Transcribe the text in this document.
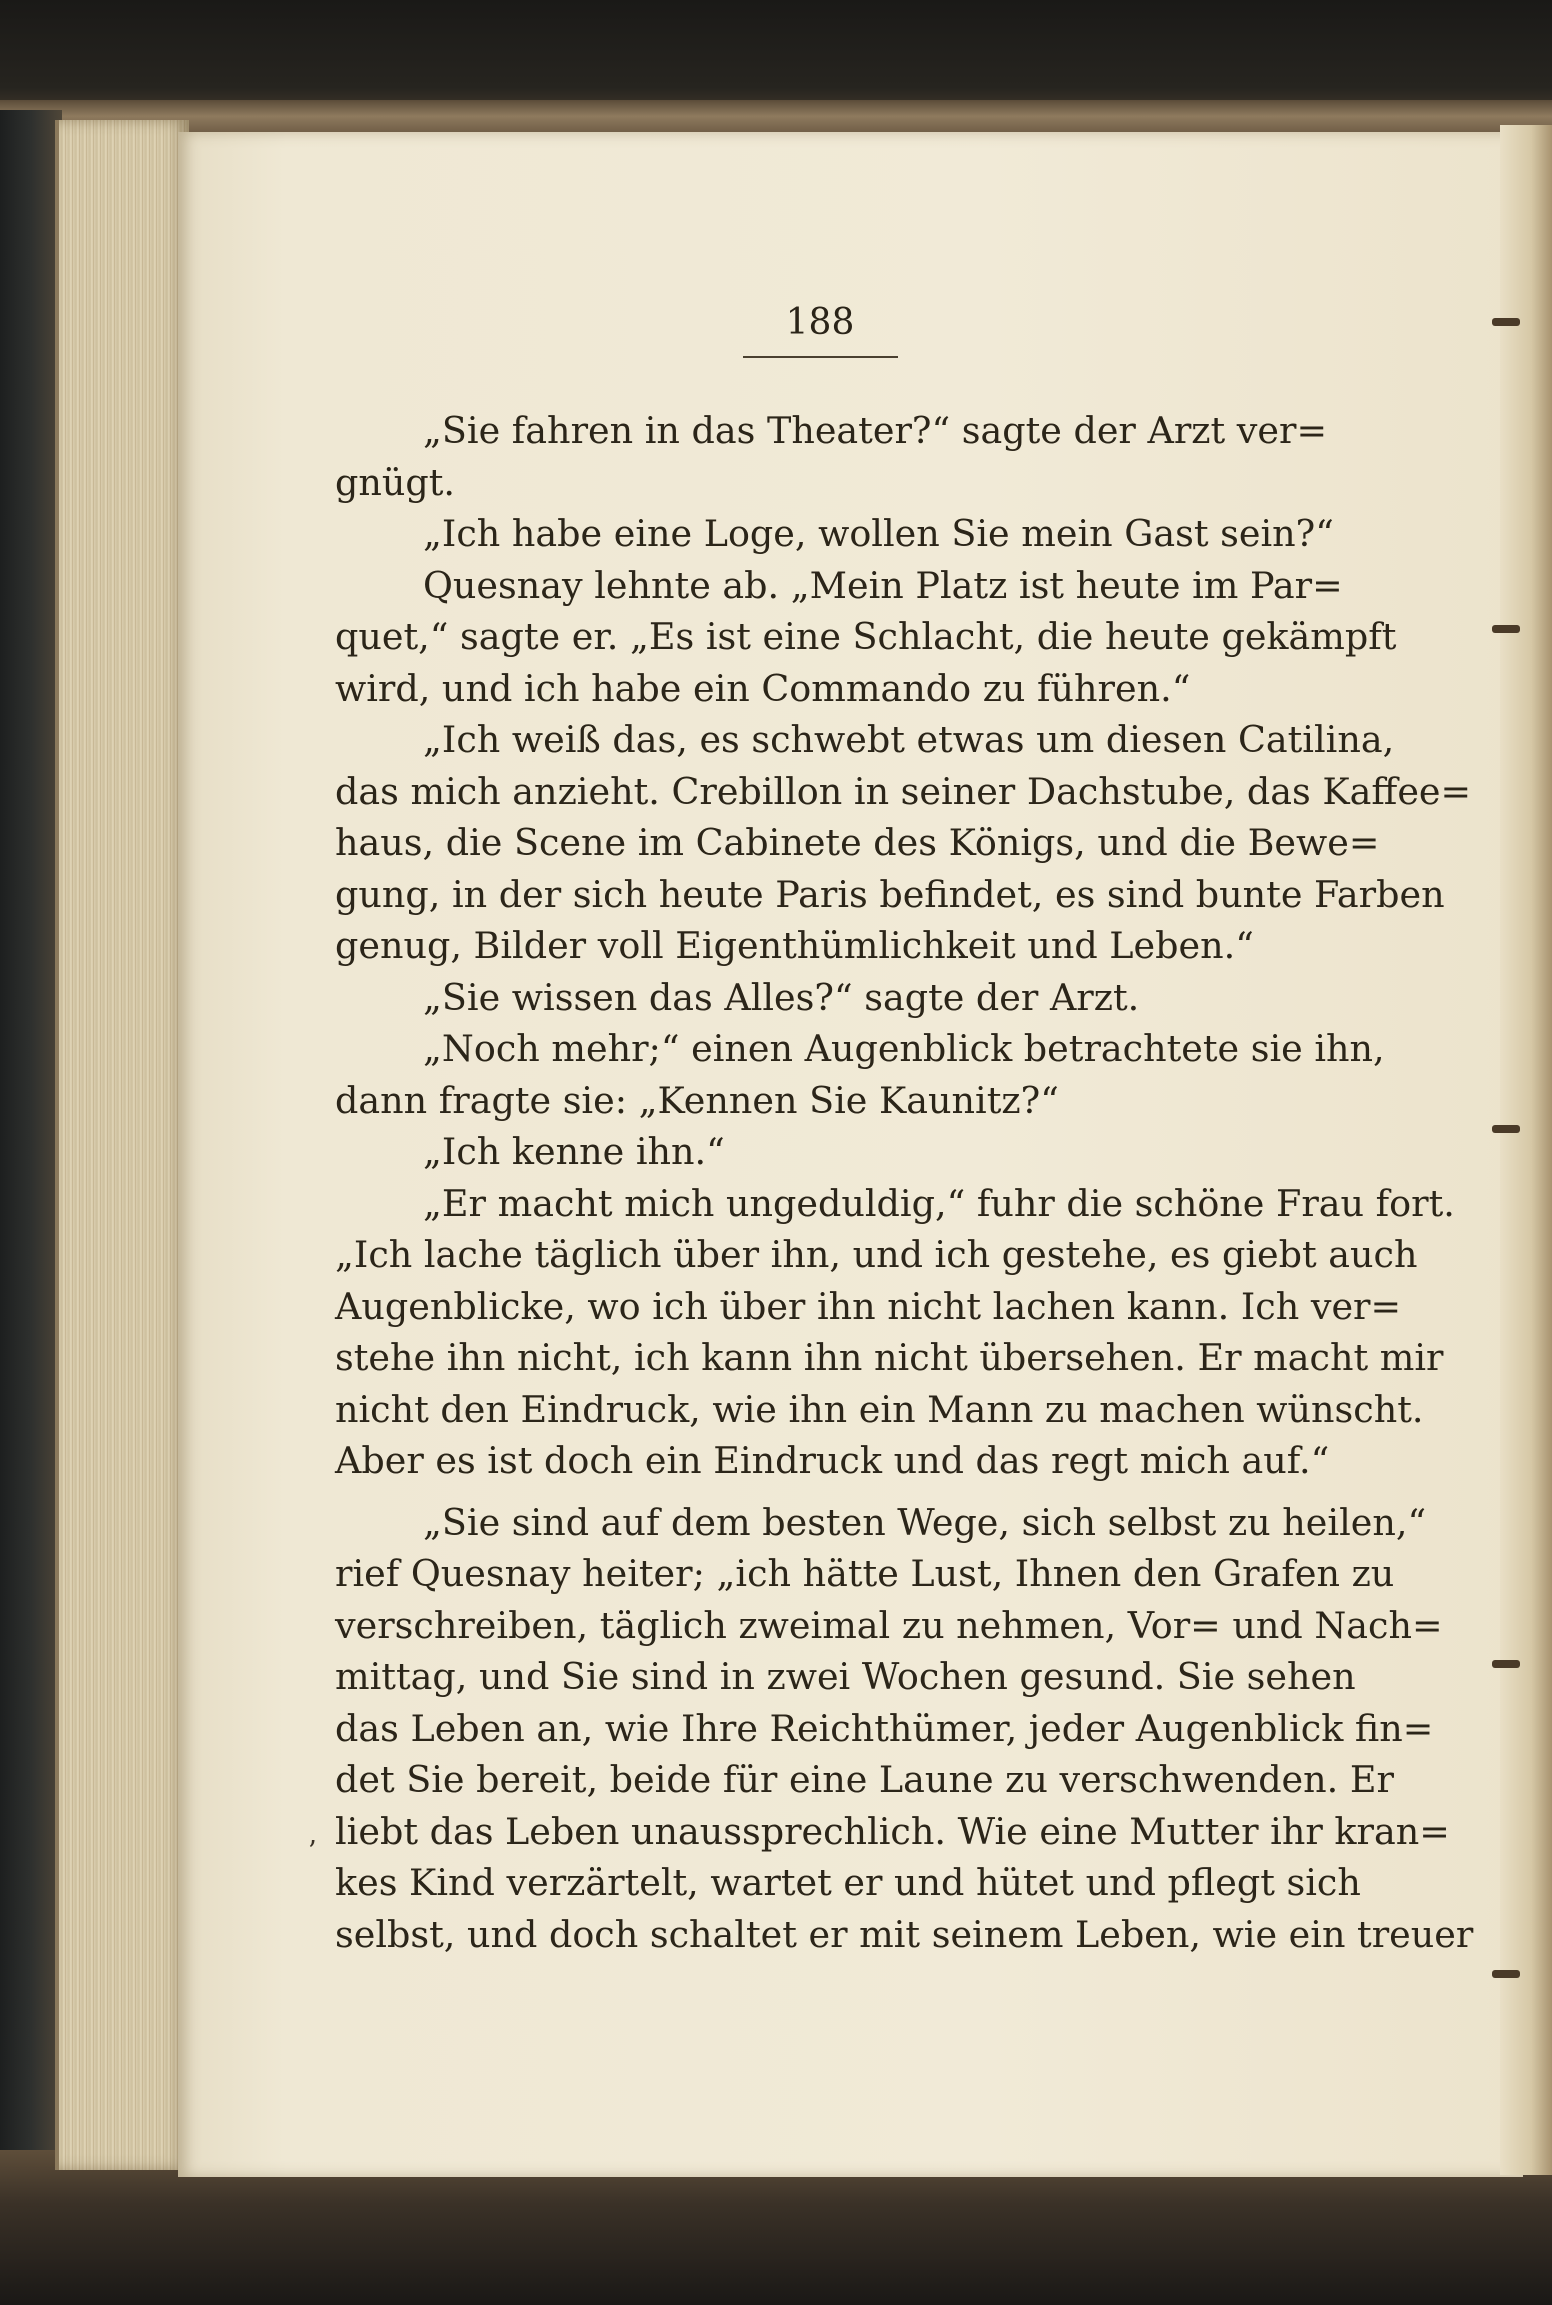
ʼ
188
„Sie fahren in das Theater?“ sagte der Arzt ver=
gnügt.
„Ich habe eine Loge, wollen Sie mein Gast sein?“
Quesnay lehnte ab. „Mein Platz ist heute im Par=
quet,“ sagte er. „Es ist eine Schlacht, die heute gekämpft
wird, und ich habe ein Commando zu führen.“
„Ich weiß das, es schwebt etwas um diesen Catilina,
das mich anzieht. Crebillon in seiner Dachstube, das Kaffee=
haus, die Scene im Cabinete des Königs, und die Bewe=
gung, in der sich heute Paris befindet, es sind bunte Farben
genug, Bilder voll Eigenthümlichkeit und Leben.“
„Sie wissen das Alles?“ sagte der Arzt.
„Noch mehr;“ einen Augenblick betrachtete sie ihn,
dann fragte sie: „Kennen Sie Kaunitz?“
„Ich kenne ihn.“
„Er macht mich ungeduldig,“ fuhr die schöne Frau fort.
„Ich lache täglich über ihn, und ich gestehe, es giebt auch
Augenblicke, wo ich über ihn nicht lachen kann. Ich ver=
stehe ihn nicht, ich kann ihn nicht übersehen. Er macht mir
nicht den Eindruck, wie ihn ein Mann zu machen wünscht.
Aber es ist doch ein Eindruck und das regt mich auf.“
„Sie sind auf dem besten Wege, sich selbst zu heilen,“
rief Quesnay heiter; „ich hätte Lust, Ihnen den Grafen zu
verschreiben, täglich zweimal zu nehmen, Vor= und Nach=
mittag, und Sie sind in zwei Wochen gesund. Sie sehen
das Leben an, wie Ihre Reichthümer, jeder Augenblick fin=
det Sie bereit, beide für eine Laune zu verschwenden. Er
liebt das Leben unaussprechlich. Wie eine Mutter ihr kran=
kes Kind verzärtelt, wartet er und hütet und pflegt sich
selbst, und doch schaltet er mit seinem Leben, wie ein treuer
